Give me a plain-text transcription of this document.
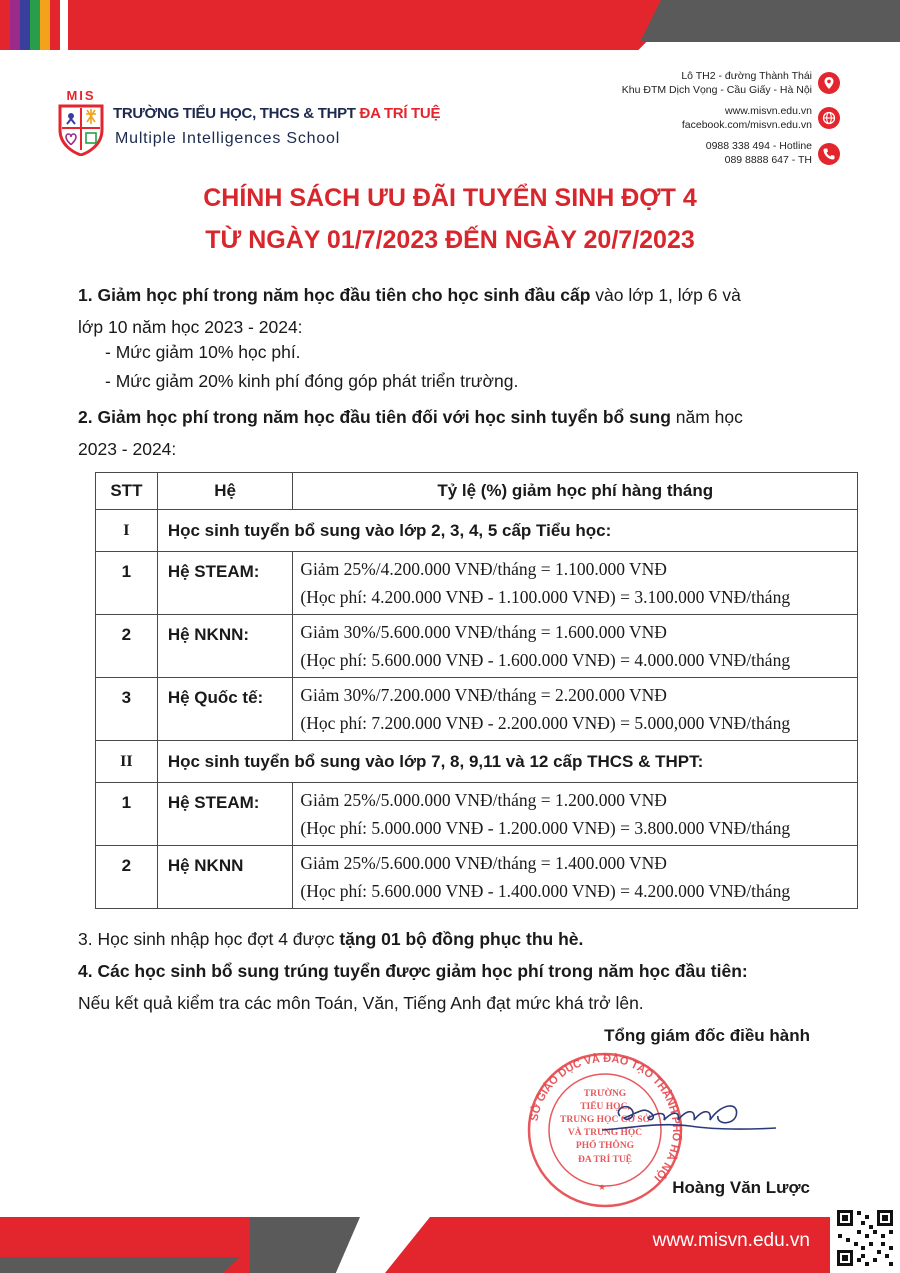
MIS
TRƯỜNG TIỂU HỌC, THCS & THPT ĐA TRÍ TUỆ
Multiple Intelligences School
Lô TH2 - đường Thành Thái
Khu ĐTM Dịch Vọng - Cầu Giấy - Hà Nội
www.misvn.edu.vn
facebook.com/misvn.edu.vn
0988 338 494 - Hotline
089 8888 647 - TH
CHÍNH SÁCH ƯU ĐÃI TUYỂN SINH ĐỢT 4
TỪ NGÀY 01/7/2023 ĐẾN NGÀY 20/7/2023
1. Giảm học phí trong năm học đầu tiên cho học sinh đầu cấp vào lớp 1, lớp 6 và
lớp 10 năm học 2023 - 2024:
- Mức giảm 10% học phí.
- Mức giảm 20% kinh phí đóng góp phát triển trường.
2. Giảm học phí trong năm học đầu tiên đối với học sinh tuyển bổ sung năm học
2023 - 2024:
STT	Hệ	Tỷ lệ (%) giảm học phí hàng tháng
I	Học sinh tuyển bổ sung vào lớp 2, 3, 4, 5 cấp Tiểu học:	
1	Hệ STEAM:	Giảm 25%/4.200.000 VNĐ/tháng = 1.100.000 VNĐ
(Học phí: 4.200.000 VNĐ - 1.100.000 VNĐ) = 3.100.000 VNĐ/tháng

2	Hệ NKNN:	Giảm 30%/5.600.000 VNĐ/tháng = 1.600.000 VNĐ
(Học phí: 5.600.000 VNĐ - 1.600.000 VNĐ) = 4.000.000 VNĐ/tháng

3	Hệ Quốc tế:	Giảm 30%/7.200.000 VNĐ/tháng = 2.200.000 VNĐ
(Học phí: 7.200.000 VNĐ - 2.200.000 VNĐ) = 5.000,000 VNĐ/tháng

II	Học sinh tuyển bổ sung vào lớp 7, 8, 9,11 và 12 cấp THCS & THPT:	
1	Hệ STEAM:	Giảm 25%/5.000.000 VNĐ/tháng = 1.200.000 VNĐ
(Học phí: 5.000.000 VNĐ - 1.200.000 VNĐ) = 3.800.000 VNĐ/tháng

2	Hệ NKNN	Giảm 25%/5.600.000 VNĐ/tháng = 1.400.000 VNĐ
(Học phí: 5.600.000 VNĐ - 1.400.000 VNĐ) = 4.200.000 VNĐ/tháng
3. Học sinh nhập học đợt 4 được tặng 01 bộ đồng phục thu hè.
4. Các học sinh bổ sung trúng tuyển được giảm học phí trong năm học đầu tiên:
Nếu kết quả kiểm tra các môn Toán, Văn, Tiếng Anh đạt mức khá trở lên.
Tổng giám đốc điều hành
SỞ GIÁO DỤC VÀ ĐÀO TẠO THÀNH PHỐ HÀ NỘI
TRƯỜNG
TIỂU HỌC,
TRUNG HỌC CƠ SỞ
VÀ TRUNG HỌC
PHỔ THÔNG
ĐA TRÍ TUỆ
Hoàng Văn Lược
www.misvn.edu.vn
